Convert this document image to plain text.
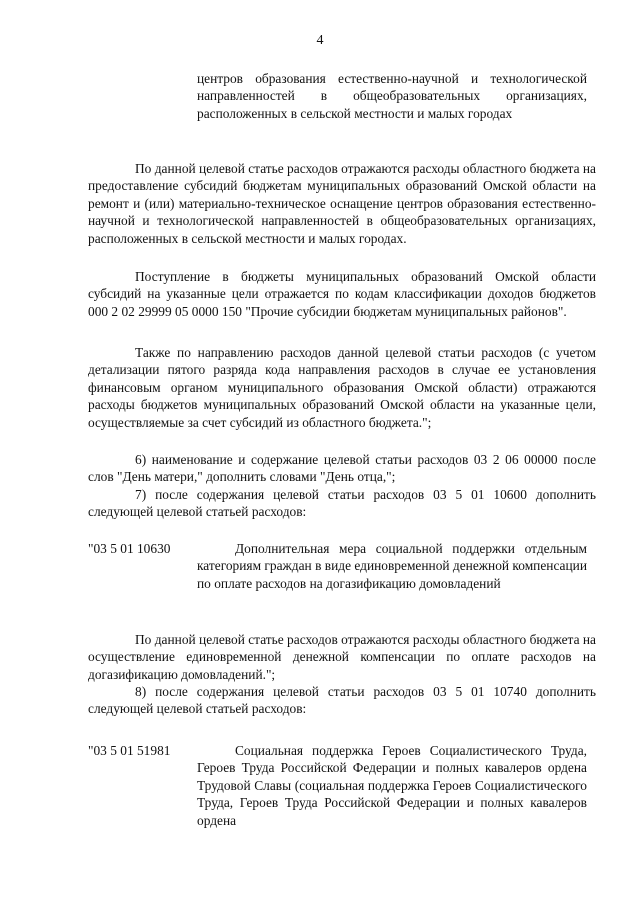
4
центров образования естественно-научной и технологической направленностей в общеобразовательных организациях, расположенных в сельской местности и малых городах
По данной целевой статье расходов отражаются расходы областного бюджета на предоставление субсидий бюджетам муниципальных образований Омской области на ремонт и (или) материально-техническое оснащение центров образования естественно-научной и технологической направленностей в общеобразовательных организациях, расположенных в сельской местности и малых городах.
Поступление в бюджеты муниципальных образований Омской области субсидий на указанные цели отражается по кодам классификации доходов бюджетов 000 2 02 29999 05 0000 150 "Прочие субсидии бюджетам муниципальных районов".
Также по направлению расходов данной целевой статьи расходов (с учетом детализации пятого разряда кода направления расходов в случае ее установления финансовым органом муниципального образования Омской области) отражаются расходы бюджетов муниципальных образований Омской области на указанные цели, осуществляемые за счет субсидий из областного бюджета.";
6) наименование и содержание целевой статьи расходов 03 2 06 00000 после слов "День матери," дополнить словами "День отца,";
7) после содержания целевой статьи расходов 03 5 01 10600 дополнить следующей целевой статьей расходов:
"03 5 01 10630	Дополнительная мера социальной поддержки отдельным категориям граждан в виде единовременной денежной компенсации по оплате расходов на догазификацию домовладений
По данной целевой статье расходов отражаются расходы областного бюджета на осуществление единовременной денежной компенсации по оплате расходов на догазификацию домовладений.";
8) после содержания целевой статьи расходов 03 5 01 10740 дополнить следующей целевой статьей расходов:
"03 5 01 51981	Социальная поддержка Героев Социалистического Труда, Героев Труда Российской Федерации и полных кавалеров ордена Трудовой Славы (социальная поддержка Героев Социалистического Труда, Героев Труда Российской Федерации и полных кавалеров ордена
